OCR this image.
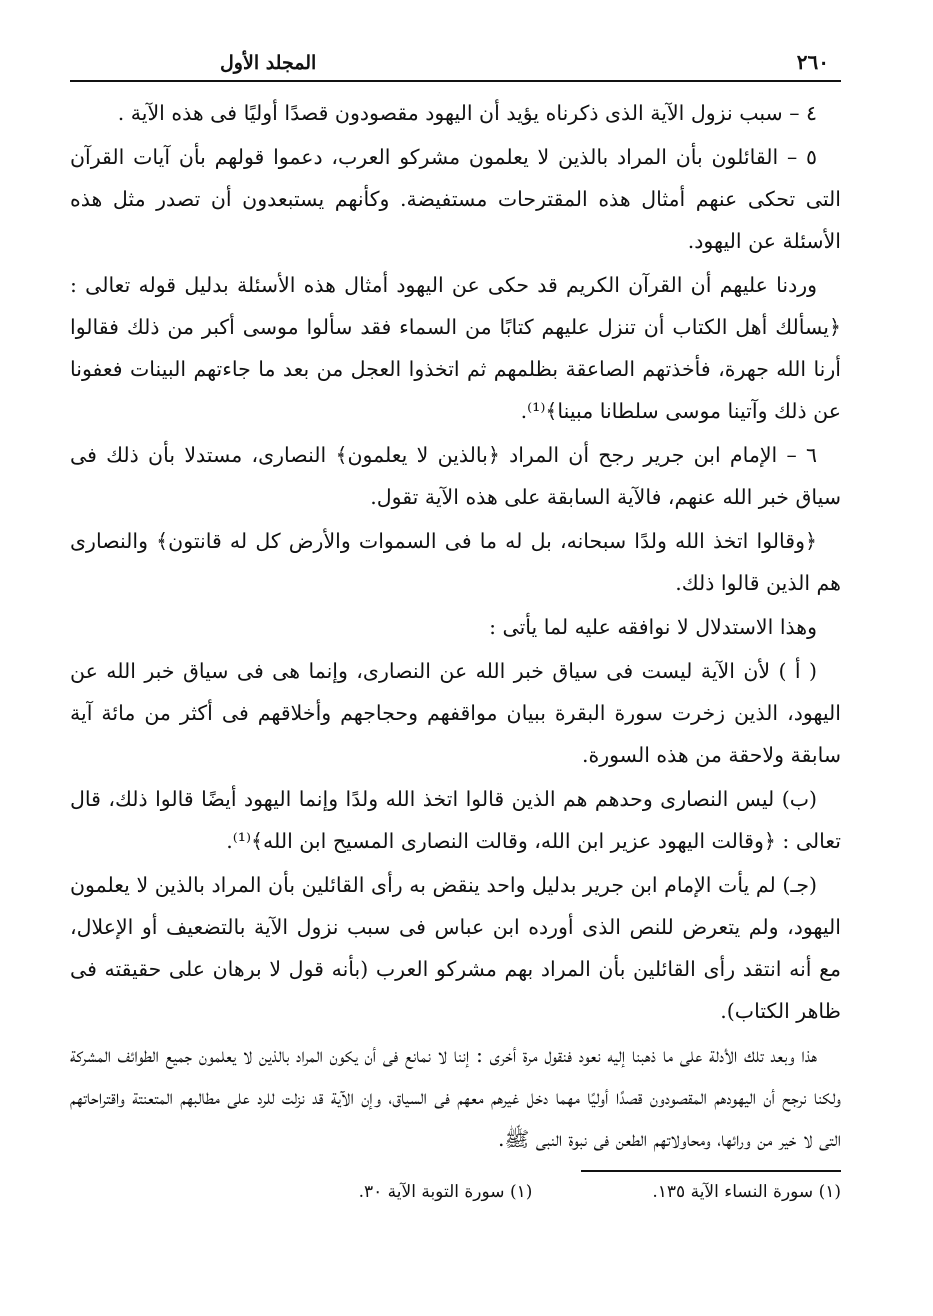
٢٦٠
المجلد الأول

٤ – سبب نزول الآية الذى ذكرناه يؤيد أن اليهود مقصودون قصدًا أوليًا فى هذه الآية .

٥ – القائلون بأن المراد بالذين لا يعلمون مشركو العرب، دعموا قولهم بأن آيات القرآن التى تحكى عنهم أمثال هذه المقترحات مستفيضة. وكأنهم يستبعدون أن تصدر مثل هذه الأسئلة عن اليهود.

وردنا عليهم أن القرآن الكريم قد حكى عن اليهود أمثال هذه الأسئلة بدليل قوله تعالى : ﴿يسألك أهل الكتاب أن تنزل عليهم كتابًا من السماء فقد سألوا موسى أكبر من ذلك فقالوا أرنا الله جهرة، فأخذتهم الصاعقة بظلمهم ثم اتخذوا العجل من بعد ما جاءتهم البينات فعفونا عن ذلك وآتينا موسى سلطانا مبينا﴾⁽¹⁾.

٦ – الإمام ابن جرير رجح أن المراد ﴿بالذين لا يعلمون﴾ النصارى، مستدلا بأن ذلك فى سياق خبر الله عنهم، فالآية السابقة على هذه الآية تقول.

﴿وقالوا اتخذ الله ولدًا سبحانه، بل له ما فى السموات والأرض كل له قانتون﴾ والنصارى هم الذين قالوا ذلك.

وهذا الاستدلال لا نوافقه عليه لما يأتى :

( أ ) لأن الآية ليست فى سياق خبر الله عن النصارى، وإنما هى فى سياق خبر الله عن اليهود، الذين زخرت سورة البقرة ببيان مواقفهم وحجاجهم وأخلاقهم فى أكثر من مائة آية سابقة ولاحقة من هذه السورة.

(ب) ليس النصارى وحدهم هم الذين قالوا اتخذ الله ولدًا وإنما اليهود أيضًا قالوا ذلك، قال تعالى : ﴿وقالت اليهود عزير ابن الله، وقالت النصارى المسيح ابن الله﴾⁽¹⁾.

(جـ) لم يأت الإمام ابن جرير بدليل واحد ينقض به رأى القائلين بأن المراد بالذين لا يعلمون اليهود، ولم يتعرض للنص الذى أورده ابن عباس فى سبب نزول الآية بالتضعيف أو الإعلال، مع أنه انتقد رأى القائلين بأن المراد بهم مشركو العرب (بأنه قول لا برهان على حقيقته فى ظاهر الكتاب).

هذا وبعد تلك الأدلة على ما ذهبنا إليه نعود فنقول مرة أخرى : إننا لا نمانع فى أن يكون المراد بالذين لا يعلمون جميع الطوائف المشركة ولكنا نرجح أن اليهودهم المقصودون قصدًا أوليًا مهما دخل غيرهم معهم فى السياق، وإن الآية قد نزلت للرد على مطالبهم المتعنتة واقتراحاتهم التى لا خير من ورائها، ومحاولاتهم الطعن فى نبوة النبى ﷺ.

(١) سورة النساء الآية ١٣٥.
(١) سورة التوبة الآية ٣٠.
